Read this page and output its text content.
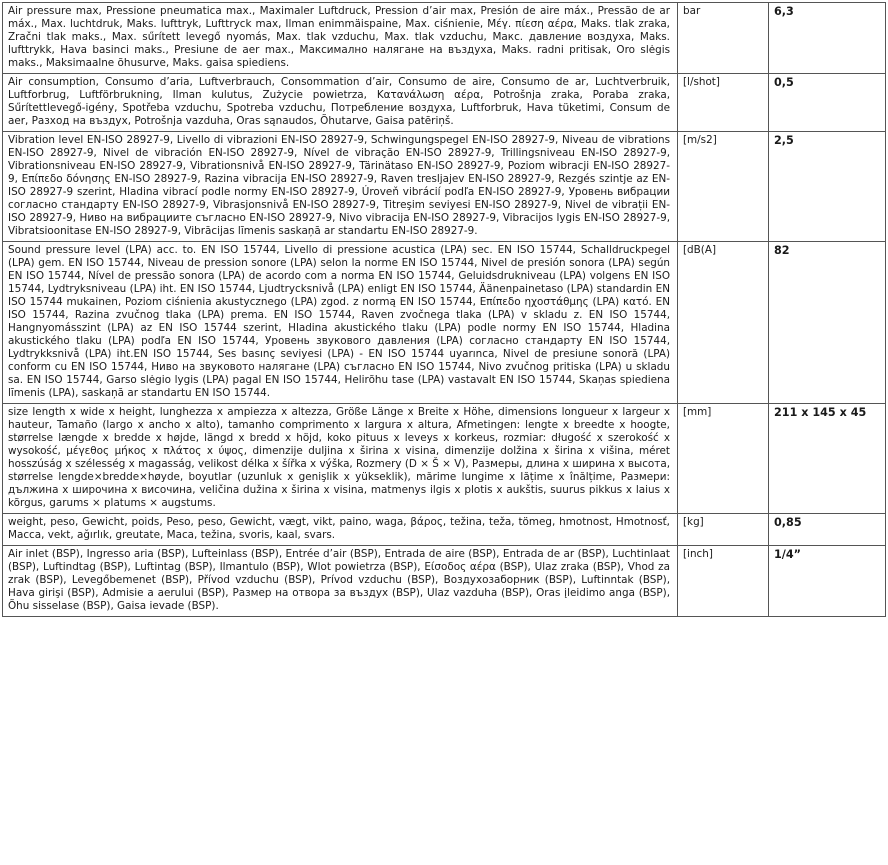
Air pressure max, Pressione pneumatica max., Maximaler Luftdruck, Pression d’air max, Presión de aire máx., Pressão de ar máx., Max. luchtdruk, Maks. lufttryk, Lufttryck max, Ilman enimmäispaine, Max. ciśnienie, Μέγ. πίεση αέρα, Maks. tlak zraka, Zračni tlak maks., Max. sűrített levegő nyomás, Max. tlak vzduchu, Max. tlak vzduchu, Макс. давление воздуха, Maks. lufttrykk, Hava basinci maks., Presiune de aer max., Максимално налягане на въздуха, Maks. radni pritisak, Oro slėgis maks., Maksimaalne õhusurve, Maks. gaisa spiediens.	bar	6,3
Air consumption, Consumo d’aria, Luftverbrauch, Consommation d’air, Consumo de aire, Consumo de ar, Luchtverbruik, Luftforbrug, Luftförbrukning, Ilman kulutus, Zużycie powietrza, Κατανάλωση αέρα, Potrošnja zraka, Poraba zraka, Sűrítettlevegő-igény, Spotřeba vzduchu, Spotreba vzduchu, Потребление воздуха, Luftforbruk, Hava tüketimi, Consum de aer, Разход на въздух, Potrošnja vazduha, Oras sąnaudos, Õhutarve, Gaisa patēriņš.	[l/shot]	0,5
Vibration level EN-ISO 28927-9, Livello di vibrazioni EN-ISO 28927-9, Schwingungspegel EN-ISO 28927-9, Niveau de vibrations EN-ISO 28927-9, Nivel de vibración EN-ISO 28927-9, Nível de vibração EN-ISO 28927-9, Trillingsniveau EN-ISO 28927-9, Vibrationsniveau EN-ISO 28927-9, Vibrationsnivå EN-ISO 28927-9, Tärinätaso EN-ISO 28927-9, Poziom wibracji EN-ISO 28927-9, Επίπεδο δόνησης EN-ISO 28927-9, Razina vibracija EN-ISO 28927-9, Raven tresljajev EN-ISO 28927-9, Rezgés szintje az EN-ISO 28927-9 szerint, Hladina vibrací podle normy EN-ISO 28927-9, Úroveň vibrácií podľa EN-ISO 28927-9, Уровень вибрации согласно стандарту EN-ISO 28927-9, Vibrasjonsnivå EN-ISO 28927-9, Titreşim seviyesi EN-ISO 28927-9, Nivel de vibrații EN-ISO 28927-9, Ниво на вибрациите съгласно EN-ISO 28927-9, Nivo vibracija EN-ISO 28927-9, Vibracijos lygis EN-ISO 28927-9, Vibratsioonitase EN-ISO 28927-9, Vibrācijas līmenis saskaņā ar standartu EN-ISO 28927-9.	[m/s2]	2,5
Sound pressure level (LPA) acc. to. EN ISO 15744, Livello di pressione acustica (LPA) sec. EN ISO 15744, Schalldruckpegel (LPA) gem. EN ISO 15744, Niveau de pression sonore (LPA) selon la norme EN ISO 15744, Nivel de presión sonora (LPA) según EN ISO 15744, Nível de pressão sonora (LPA) de acordo com a norma EN ISO 15744, Geluidsdrukniveau (LPA) volgens EN ISO 15744, Lydtryksniveau (LPA) iht. EN ISO 15744, Ljudtrycksnivå (LPA) enligt EN ISO 15744, Äänenpainetaso (LPA) standardin EN ISO 15744 mukainen, Poziom ciśnienia akustycznego (LPA) zgod. z normą EN ISO 15744, Επίπεδο ηχοστάθμης (LPA) κατό. EN ISO 15744, Razina zvučnog tlaka (LPA) prema. EN ISO 15744, Raven zvočnega tlaka (LPA) v skladu z. EN ISO 15744, Hangnyomásszint (LPA) az EN ISO 15744 szerint, Hladina akustického tlaku (LPA) podle normy EN ISO 15744, Hladina akustického tlaku (LPA) podľa EN ISO 15744, Уровень звукового давления (LPA) согласно стандарту EN ISO 15744, Lydtrykksnivå (LPA) iht.EN ISO 15744, Ses basınç seviyesi (LPA) - EN ISO 15744 uyarınca, Nivel de presiune sonoră (LPA) conform cu EN ISO 15744, Ниво на звуковото налягане (LPA) съгласно EN ISO 15744, Nivo zvučnog pritiska (LPA) u skladu sa. EN ISO 15744, Garso slėgio lygis (LPA) pagal EN ISO 15744, Helirõhu tase (LPA) vastavalt EN ISO 15744, Skaņas spiediena līmenis (LPA), saskaņā ar standartu EN ISO 15744.	[dB(A]	82
size length x wide x height, lunghezza x ampiezza x altezza, Größe Länge x Breite x Höhe, dimensions longueur x largeur x hauteur, Tamaño (largo x ancho x alto), tamanho comprimento x largura x altura, Afmetingen: lengte x breedte x hoogte, størrelse længde x bredde x højde, längd x bredd x höjd, koko pituus x leveys x korkeus, rozmiar: długość x szerokość x wysokość, μέγεθος μήκος x πλάτος x ύψος, dimenzije duljina x širina x visina, dimenzije dolžina x širina x višina, méret hosszúság x szélesség x magasság, velikost délka x šířka x výška, Rozmery (D × Š × V), Размеры, длина x ширина x высота, størrelse lengde×bredde×høyde, boyutlar (uzunluk x genişlik x yükseklik), mărime lungime x lățime x înălțime, Размери: дължина x широчина x височина, veličina dužina x širina x visina, matmenys ilgis x plotis x aukštis, suurus pikkus x laius x kõrgus, garums × platums × augstums.	[mm]	211 x 145 x 45
weight, peso, Gewicht, poids, Peso, peso, Gewicht, vægt, vikt, paino, waga, βάρος, težina, teža, tömeg, hmotnost, Hmotnosť, Масса, vekt, ağırlık, greutate, Маса, težina, svoris, kaal, svars.	[kg]	0,85
Air inlet (BSP), Ingresso aria (BSP), Lufteinlass (BSP), Entrée d’air (BSP), Entrada de aire (BSP), Entrada de ar (BSP), Luchtinlaat (BSP), Luftindtag (BSP), Luftintag (BSP), Ilmantulo (BSP), Wlot powietrza (BSP), Είσοδος αέρα (BSP), Ulaz zraka (BSP), Vhod za zrak (BSP), Levegőbemenet (BSP), Přívod vzduchu (BSP), Prívod vzduchu (BSP), Воздухозаборник (BSP), Luftinntak (BSP), Hava girişi (BSP), Admisie a aerului (BSP), Размер на отвора за въздух (BSP), Ulaz vazduha (BSP), Oras įleidimo anga (BSP), Õhu sisselase (BSP), Gaisa ievade (BSP).	[inch]	1/4”
